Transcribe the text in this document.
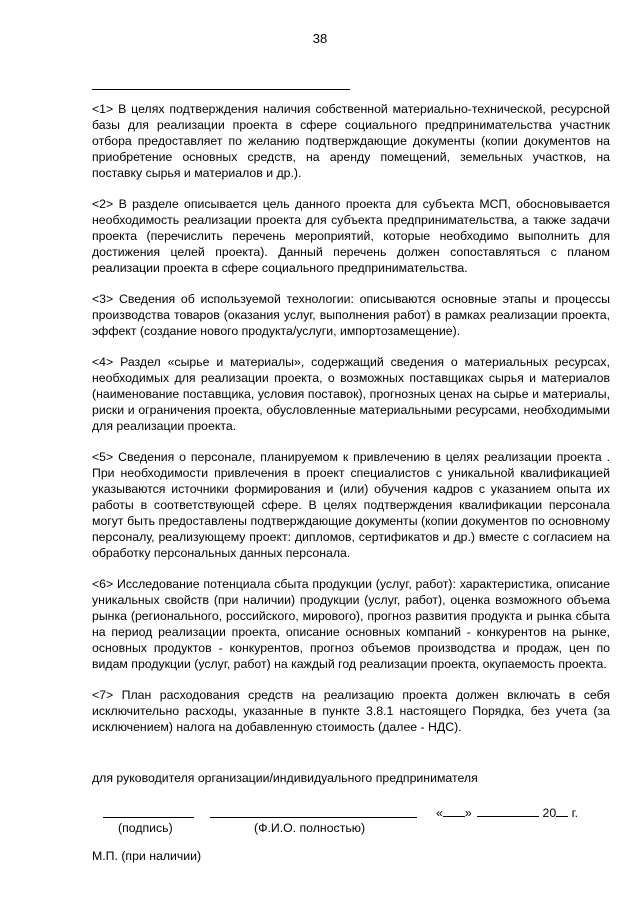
38

<1> В целях подтверждения наличия собственной материально-технической, ресурсной базы для реализации проекта в сфере социального предпринимательства участник отбора предоставляет по желанию подтверждающие документы (копии документов на приобретение основных средств, на аренду помещений, земельных участков, на поставку сырья и материалов и др.).

<2> В разделе описывается цель данного проекта для субъекта МСП, обосновывается необходимость реализации проекта для субъекта предпринимательства, а также задачи проекта (перечислить перечень мероприятий, которые необходимо выполнить для достижения целей проекта). Данный перечень должен сопоставляться с планом реализации проекта в сфере социального предпринимательства.

<3> Сведения об используемой технологии: описываются основные этапы и процессы производства товаров (оказания услуг, выполнения работ) в рамках реализации проекта, эффект (создание нового продукта/услуги, импортозамещение).

<4> Раздел «сырье и материалы», содержащий сведения о материальных ресурсах, необходимых для реализации проекта, о возможных поставщиках сырья и материалов (наименование поставщика, условия поставок), прогнозных ценах на сырье и материалы, риски и ограничения проекта, обусловленные материальными ресурсами, необходимыми для реализации проекта.

<5> Сведения о персонале, планируемом к привлечению в целях реализации проекта . При необходимости привлечения в проект специалистов с уникальной квалификацией указываются источники формирования и (или) обучения кадров с указанием опыта их работы в соответствующей сфере. В целях подтверждения квалификации персонала могут быть предоставлены подтверждающие документы (копии документов по основному персоналу, реализующему проект: дипломов, сертификатов и др.) вместе с согласием на обработку персональных данных персонала.

<6> Исследование потенциала сбыта продукции (услуг, работ): характеристика, описание уникальных свойств (при наличии) продукции (услуг, работ), оценка возможного объема рынка (регионального, российского, мирового), прогноз развития продукта и рынка сбыта на период реализации проекта, описание основных компаний - конкурентов на рынке, основных продуктов - конкурентов, прогноз объемов производства и продаж, цен по видам продукции (услуг, работ) на каждый год реализации проекта, окупаемость проекта.

<7> План расходования средств на реализацию проекта должен включать в себя исключительно расходы, указанные в пункте 3.8.1 настоящего Порядка, без учета (за исключением) налога на добавленную стоимость (далее - НДС).

для руководителя организации/индивидуального предпринимателя
(подпись)	(Ф.И.О. полностью)
« »	20 г.
М.П. (при наличии)
